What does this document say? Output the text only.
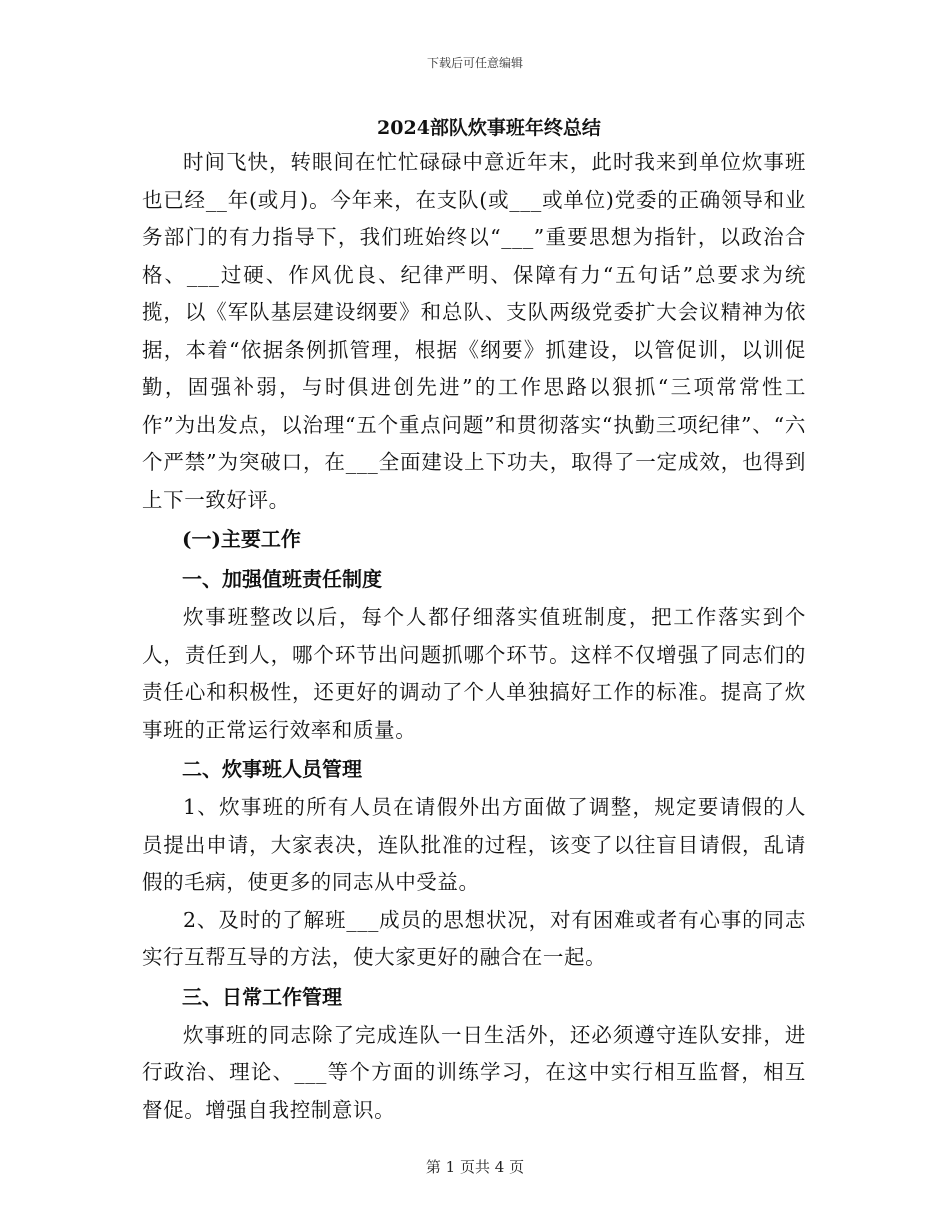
下载后可任意编辑
2024部队炊事班年终总结

时间飞快，转眼间在忙忙碌碌中意近年末，此时我来到单位炊事班也已经__年(或月)。今年来，在支队(或___或单位)党委的正确领导和业务部门的有力指导下，我们班始终以“___”重要思想为指针，以政治合格、___过硬、作风优良、纪律严明、保障有力“五句话”总要求为统揽，以《军队基层建设纲要》和总队、支队两级党委扩大会议精神为依据，本着“依据条例抓管理，根据《纲要》抓建设，以管促训，以训促勤，固强补弱，与时俱进创先进”的工作思路以狠抓“三项常常性工作”为出发点，以治理“五个重点问题”和贯彻落实“执勤三项纪律”、“六个严禁”为突破口，在___全面建设上下功夫，取得了一定成效，也得到上下一致好评。

(一)主要工作

一、加强值班责任制度

炊事班整改以后，每个人都仔细落实值班制度，把工作落实到个人，责任到人，哪个环节出问题抓哪个环节。这样不仅增强了同志们的责任心和积极性，还更好的调动了个人单独搞好工作的标准。提高了炊事班的正常运行效率和质量。

二、炊事班人员管理

1、炊事班的所有人员在请假外出方面做了调整，规定要请假的人员提出申请，大家表决，连队批准的过程，该变了以往盲目请假，乱请假的毛病，使更多的同志从中受益。

2、及时的了解班___成员的思想状况，对有困难或者有心事的同志实行互帮互导的方法，使大家更好的融合在一起。

三、日常工作管理

炊事班的同志除了完成连队一日生活外，还必须遵守连队安排，进行政治、理论、___等个方面的训练学习，在这中实行相互监督，相互督促。增强自我控制意识。

第 1 页共 4 页
